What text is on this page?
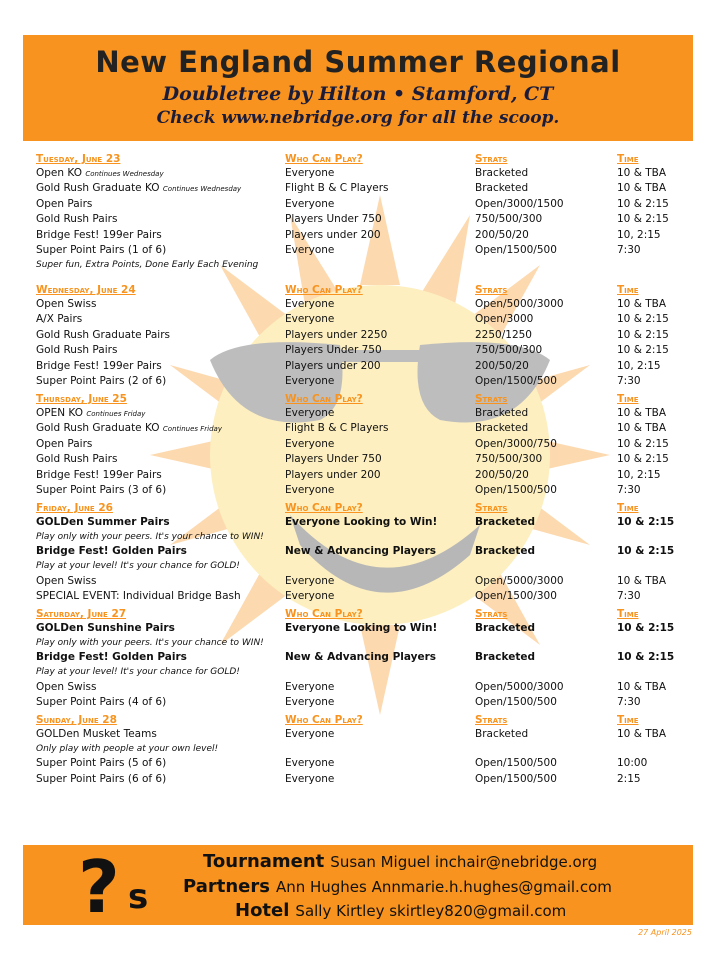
New England Summer Regional
Doubletree by Hilton • Stamford, CT
Check www.nebridge.org for all the scoop.
Tuesday, June 23	Who Can Play?	Strats	Time
Open KO Continues Wednesday	Everyone	Bracketed	10 & TBA
Gold Rush Graduate KO Continues Wednesday	Flight B & C Players	Bracketed	10 & TBA
Open Pairs	Everyone	Open/3000/1500	10 & 2:15
Gold Rush Pairs	Players Under 750	750/500/300	10 & 2:15
Bridge Fest! 199er Pairs	Players under 200	200/50/20	10, 2:15
Super Point Pairs (1 of 6)	Everyone	Open/1500/500	7:30
Super fun, Extra Points, Done Early Each Evening
Wednesday, June 24	Who Can Play?	Strats	Time
Open Swiss	Everyone	Open/5000/3000	10 & TBA
A/X Pairs	Everyone	Open/3000	10 & 2:15
Gold Rush Graduate Pairs	Players under 2250	2250/1250	10 & 2:15
Gold Rush Pairs	Players Under 750	750/500/300	10 & 2:15
Bridge Fest! 199er Pairs	Players under 200	200/50/20	10, 2:15
Super Point Pairs (2 of 6)	Everyone	Open/1500/500	7:30
Thursday, June 25	Who Can Play?	Strats	Time
OPEN KO Continues Friday	Everyone	Bracketed	10 & TBA
Gold Rush Graduate KO Continues Friday	Flight B & C Players	Bracketed	10 & TBA
Open Pairs	Everyone	Open/3000/750	10 & 2:15
Gold Rush Pairs	Players Under 750	750/500/300	10 & 2:15
Bridge Fest! 199er Pairs	Players under 200	200/50/20	10, 2:15
Super Point Pairs (3 of 6)	Everyone	Open/1500/500	7:30
Friday, June 26	Who Can Play?	Strats	Time
GOLDen Summer Pairs	Everyone Looking to Win!	Bracketed	10 & 2:15
Play only with your peers. It's your chance to WIN!
Bridge Fest! Golden Pairs	New & Advancing Players	Bracketed	10 & 2:15
Play at your level! It's your chance for GOLD!
Open Swiss	Everyone	Open/5000/3000	10 & TBA
SPECIAL EVENT: Individual Bridge Bash	Everyone	Open/1500/300	7:30
Saturday, June 27	Who Can Play?	Strats	Time
GOLDen Sunshine Pairs	Everyone Looking to Win!	Bracketed	10 & 2:15
Play only with your peers. It's your chance to WIN!
Bridge Fest! Golden Pairs	New & Advancing Players	Bracketed	10 & 2:15
Play at your level! It's your chance for GOLD!
Open Swiss	Everyone	Open/5000/3000	10 & TBA
Super Point Pairs (4 of 6)	Everyone	Open/1500/500	7:30
Sunday, June 28	Who Can Play?	Strats	Time
GOLDen Musket Teams	Everyone	Bracketed	10 & TBA
Only play with people at your own level!
Super Point Pairs (5 of 6)	Everyone	Open/1500/500	10:00
Super Point Pairs (6 of 6)	Everyone	Open/1500/500	2:15
? s
Tournament Susan Miguel inchair@nebridge.org
Partners Ann Hughes Annmarie.h.hughes@gmail.com
Hotel Sally Kirtley skirtley820@gmail.com
27 April 2025
